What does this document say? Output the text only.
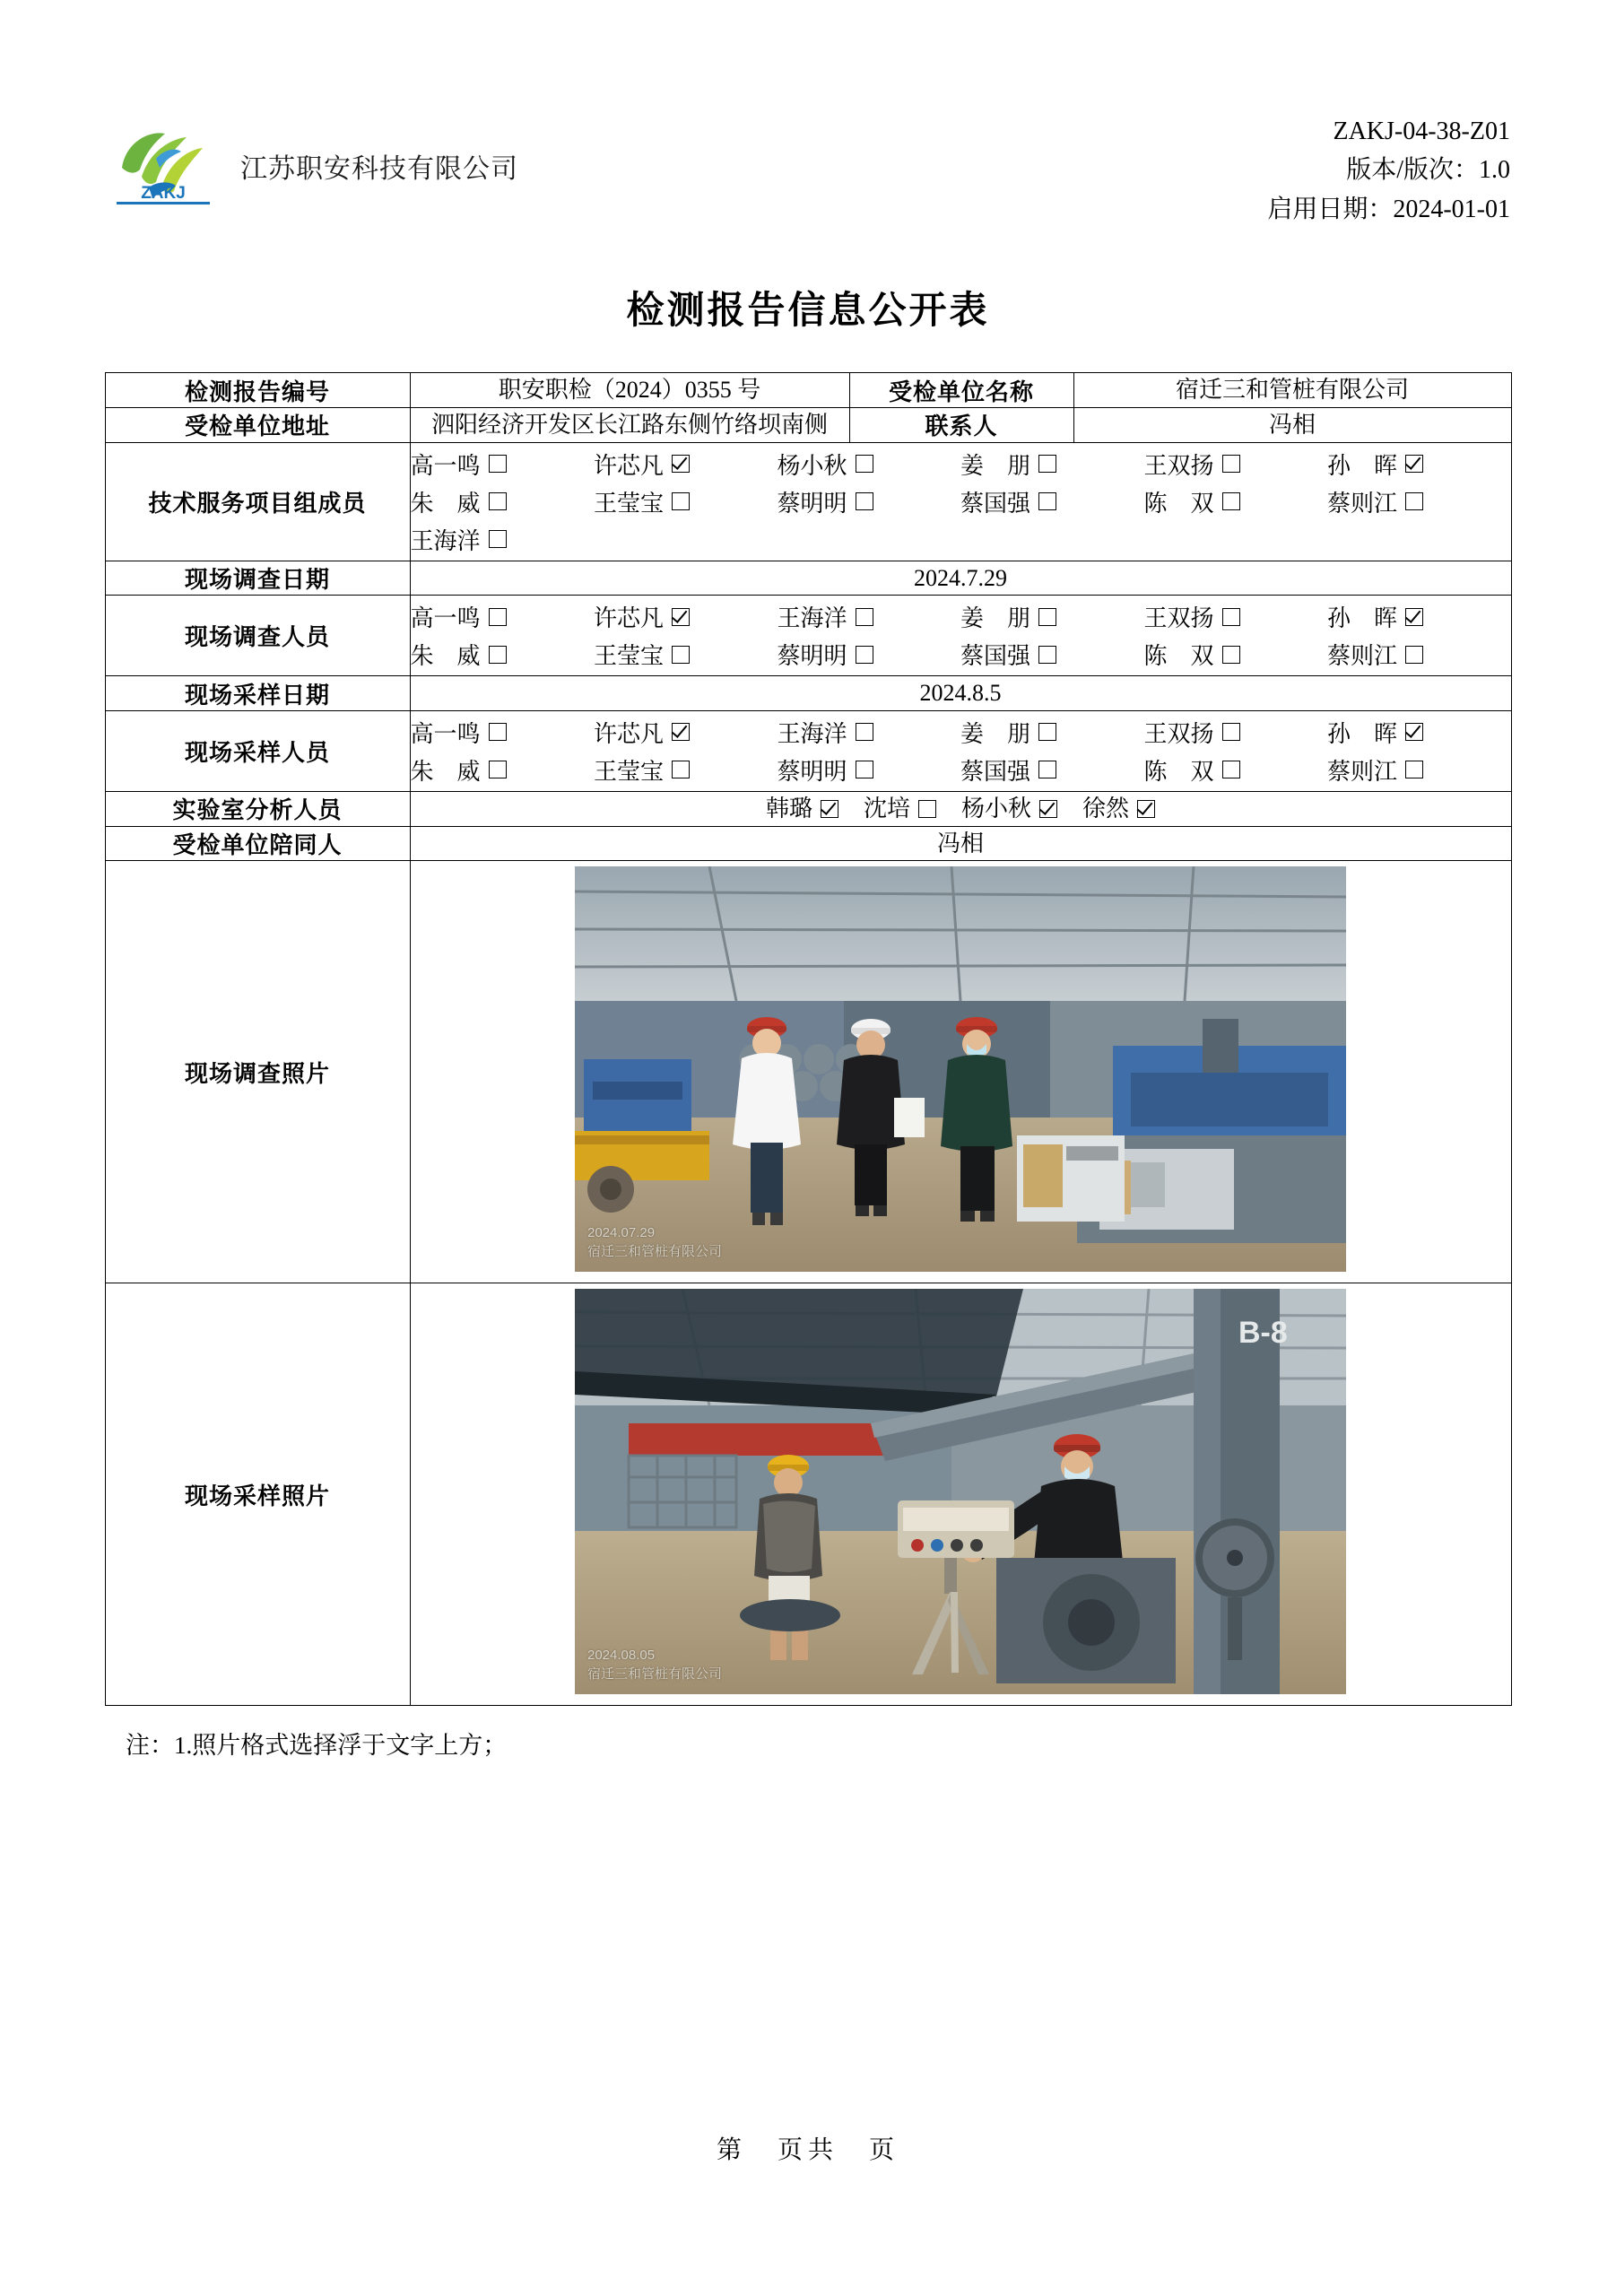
ZAKJ
江苏职安科技有限公司
ZAKJ-04-38-Z01
版本/版次：1.0
启用日期：2024-01-01
检测报告信息公开表
检测报告编号	职安职检（2024）0355 号	受检单位名称	宿迁三和管桩有限公司
受检单位地址	泗阳经济开发区长江路东侧竹络坝南侧	联系人	冯相
技术服务项目组成员	
高一鸣	许芯凡	杨小秋	姜　朋	王双扬	孙　晖
朱　威	王莹宝	蔡明明	蔡国强	陈　双	蔡则江
王海洋

现场调查日期	2024.7.29		
现场调查人员	
高一鸣	许芯凡	王海洋	姜　朋	王双扬	孙　晖
朱　威	王莹宝	蔡明明	蔡国强	陈　双	蔡则江

现场采样日期	2024.8.5		
现场采样人员	
高一鸣	许芯凡	王海洋	姜　朋	王双扬	孙　晖
朱　威	王莹宝	蔡明明	蔡国强	陈　双	蔡则江

实验室分析人员	韩璐 沈培 杨小秋 徐然		

受检单位陪同人	冯相		
现场调查照片	2024.07.29
宿迁三和管桩有限公司		

现场采样照片	B-8
2024.08.05
宿迁三和管桩有限公司		
注：1.照片格式选择浮于文字上方；
第　页共　页
